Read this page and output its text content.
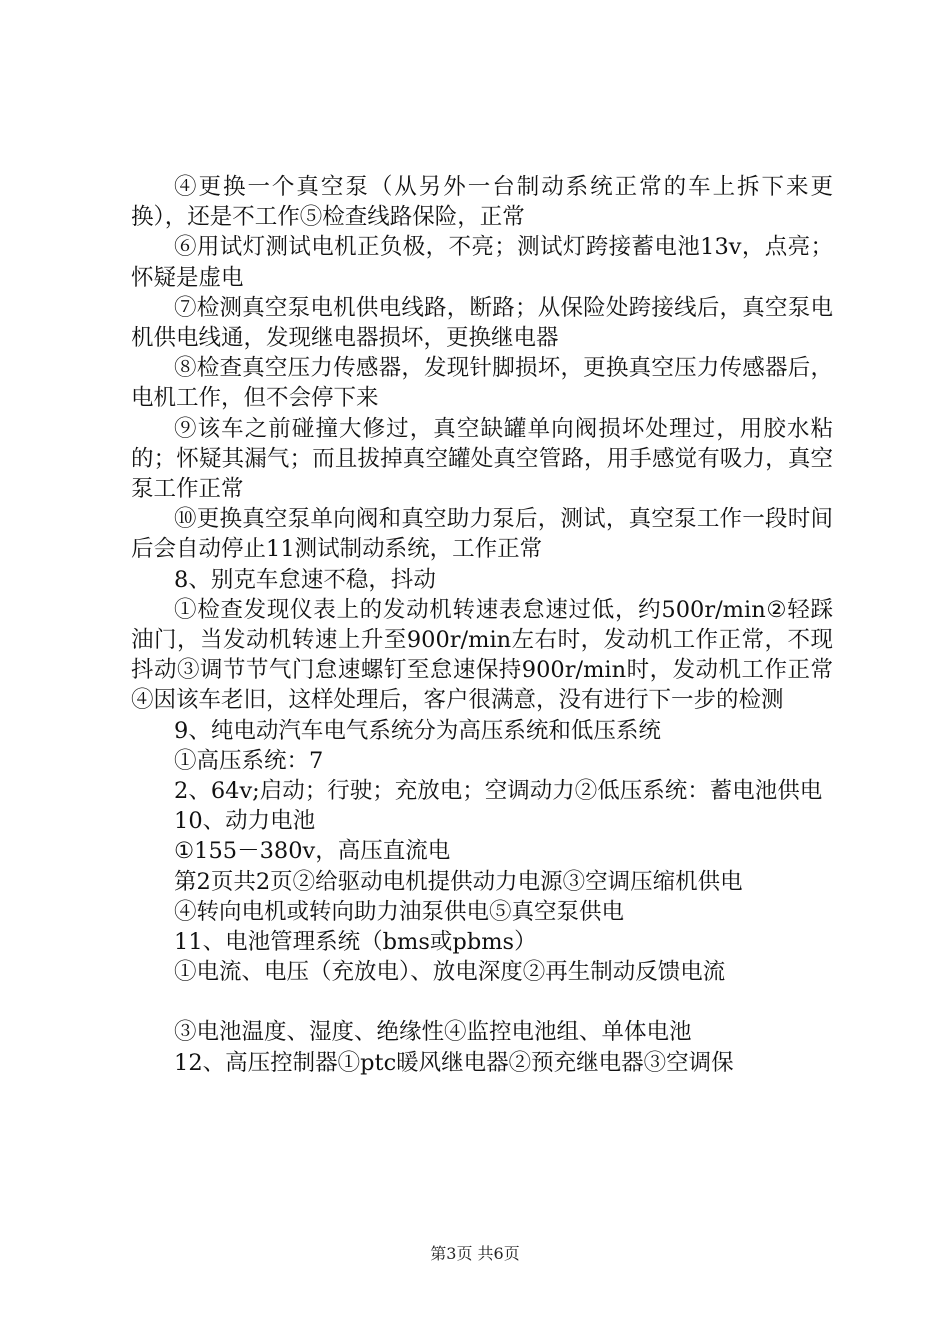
④更换一个真空泵（从另外一台制动系统正常的车上拆下来更换），还是不工作⑤检查线路保险，正常

⑥用试灯测试电机正负极，不亮；测试灯跨接蓄电池13v，点亮；怀疑是虚电

⑦检测真空泵电机供电线路，断路；从保险处跨接线后，真空泵电机供电线通，发现继电器损坏，更换继电器

⑧检查真空压力传感器，发现针脚损坏，更换真空压力传感器后，电机工作，但不会停下来

⑨该车之前碰撞大修过，真空缺罐单向阀损坏处理过，用胶水粘的；怀疑其漏气；而且拔掉真空罐处真空管路，用手感觉有吸力，真空泵工作正常

⑩更换真空泵单向阀和真空助力泵后，测试，真空泵工作一段时间后会自动停止11测试制动系统，工作正常

8、别克车怠速不稳，抖动

①检查发现仪表上的发动机转速表怠速过低，约500r/min②轻踩油门，当发动机转速上升至900r/min左右时，发动机工作正常，不现抖动③调节节气门怠速螺钉至怠速保持900r/min时，发动机工作正常④因该车老旧，这样处理后，客户很满意，没有进行下一步的检测

9、纯电动汽车电气系统分为高压系统和低压系统

①高压系统：7

2、64v;启动；行驶；充放电；空调动力②低压系统：蓄电池供电

10、动力电池

①155－380v，高压直流电

第2页共2页②给驱动电机提供动力电源③空调压缩机供电

④转向电机或转向助力油泵供电⑤真空泵供电

11、电池管理系统（bms或pbms）

①电流、电压（充放电）、放电深度②再生制动反馈电流

③电池温度、湿度、绝缘性④监控电池组、单体电池

12、高压控制器①ptc暖风继电器②预充继电器③空调保

第3页 共6页
